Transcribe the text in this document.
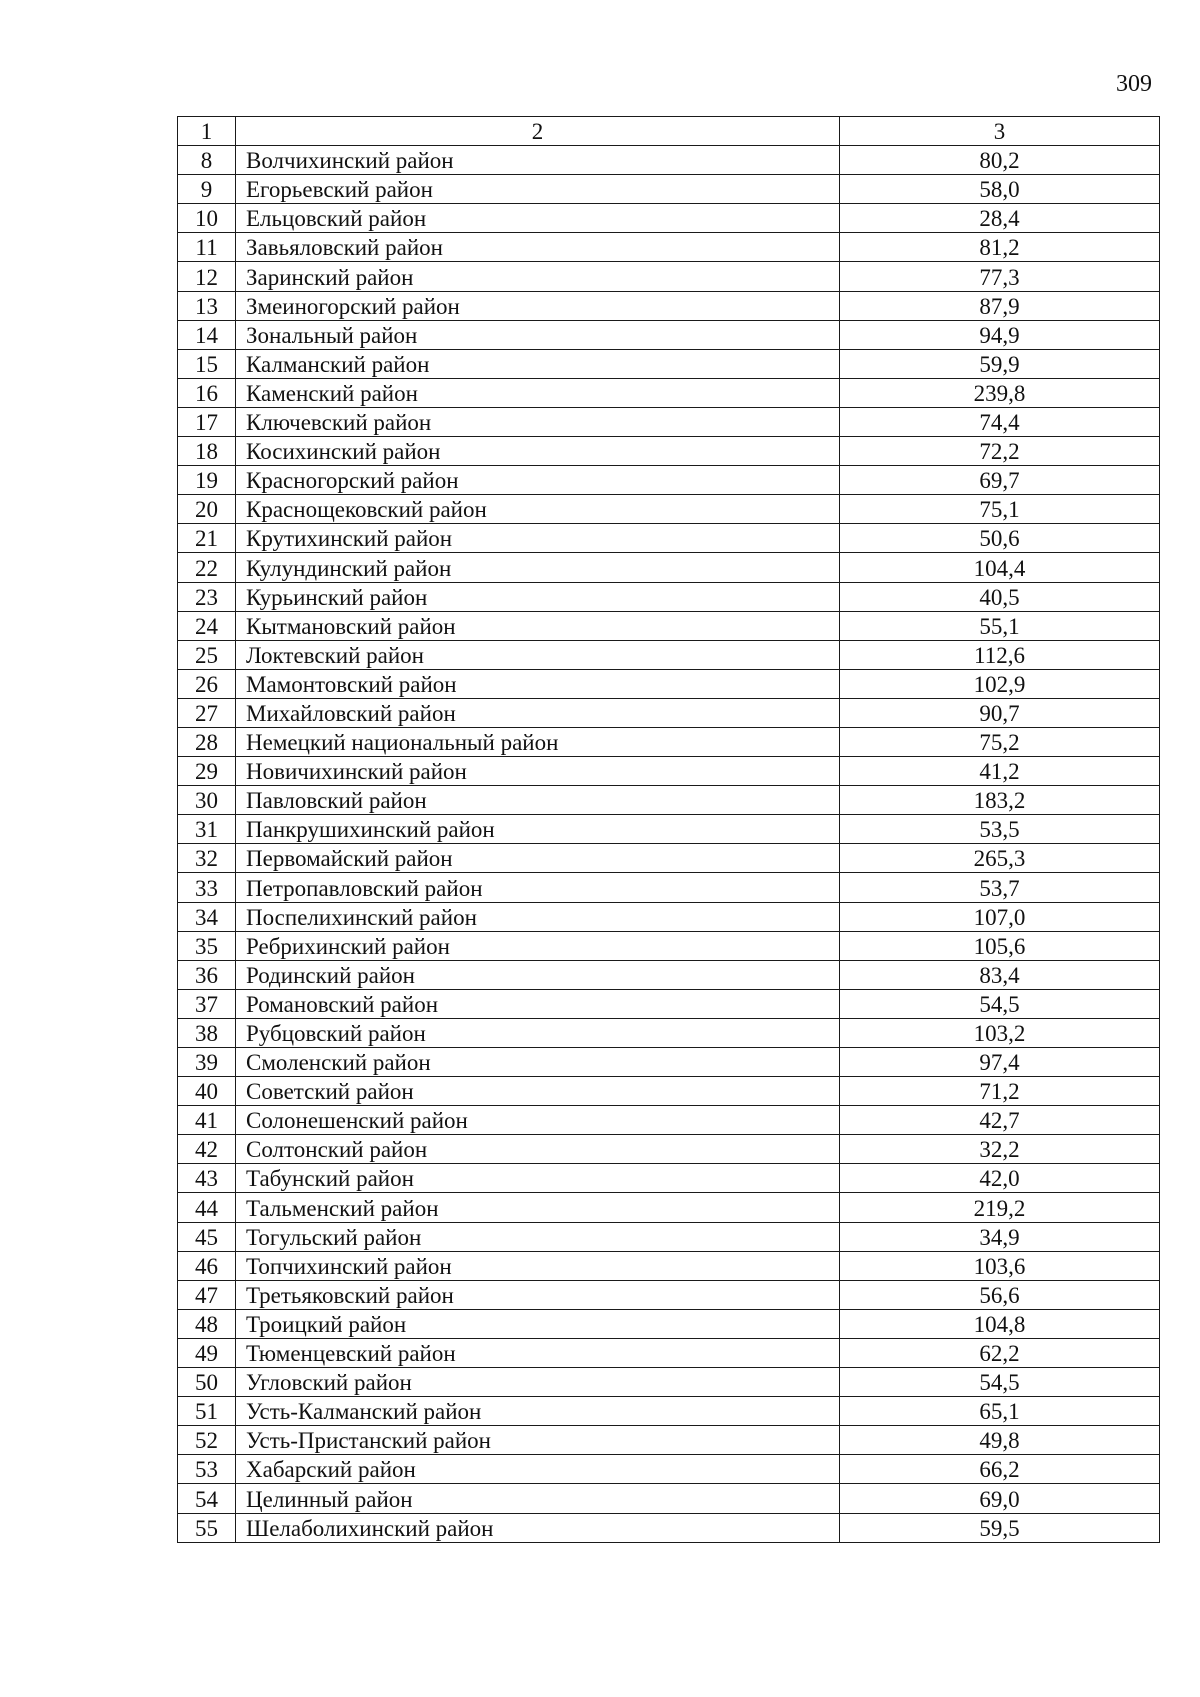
309
1	2	3
8	Волчихинский район	80,2
9	Егорьевский район	58,0
10	Ельцовский район	28,4
11	Завьяловский район	81,2
12	Заринский район	77,3
13	Змеиногорский район	87,9
14	Зональный район	94,9
15	Калманский район	59,9
16	Каменский район	239,8
17	Ключевский район	74,4
18	Косихинский район	72,2
19	Красногорский район	69,7
20	Краснощековский район	75,1
21	Крутихинский район	50,6
22	Кулундинский район	104,4
23	Курьинский район	40,5
24	Кытмановский район	55,1
25	Локтевский район	112,6
26	Мамонтовский район	102,9
27	Михайловский район	90,7
28	Немецкий национальный район	75,2
29	Новичихинский район	41,2
30	Павловский район	183,2
31	Панкрушихинский район	53,5
32	Первомайский район	265,3
33	Петропавловский район	53,7
34	Поспелихинский район	107,0
35	Ребрихинский район	105,6
36	Родинский район	83,4
37	Романовский район	54,5
38	Рубцовский район	103,2
39	Смоленский район	97,4
40	Советский район	71,2
41	Солонешенский район	42,7
42	Солтонский район	32,2
43	Табунский район	42,0
44	Тальменский район	219,2
45	Тогульский район	34,9
46	Топчихинский район	103,6
47	Третьяковский район	56,6
48	Троицкий район	104,8
49	Тюменцевский район	62,2
50	Угловский район	54,5
51	Усть-Калманский район	65,1
52	Усть-Пристанский район	49,8
53	Хабарский район	66,2
54	Целинный район	69,0
55	Шелаболихинский район	59,5
